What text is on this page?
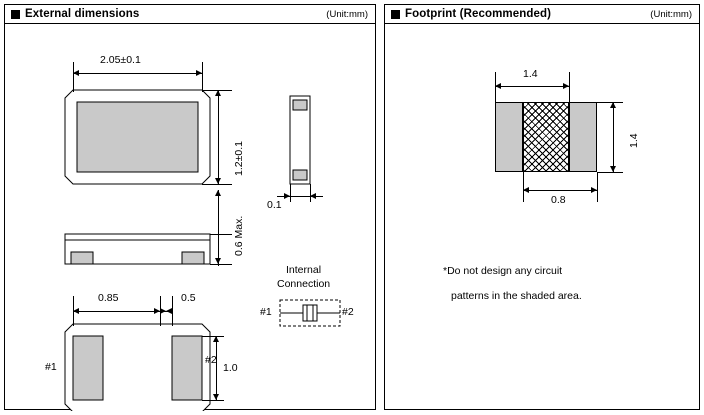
External dimensions	(Unit:mm)
2.05±0.1
1.2±0.1
0.1
0.6 Max.
0.85	0.5
1.0
#1
#2
Internal
Connection
#1	#2
Footprint (Recommended)	(Unit:mm)
1.4
1.4
0.8
*Do not design any circuit
patterns in the shaded area.
